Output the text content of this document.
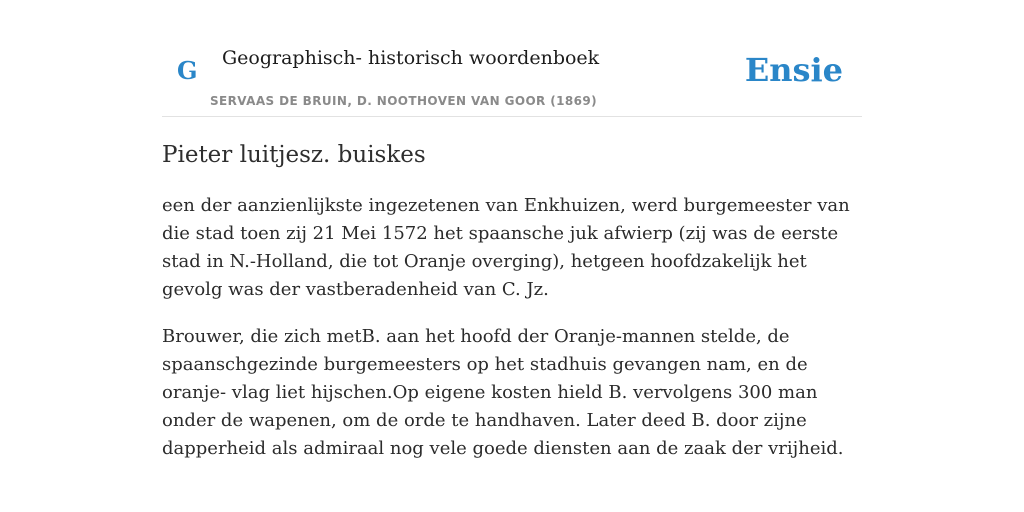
G Geographisch- historisch woordenboek
SERVAAS DE BRUIN, D. NOOTHOVEN VAN GOOR (1869)
Ensie
Pieter luitjesz. buiskes

een der aanzienlijkste ingezetenen van Enkhuizen, werd burgemeester van die stad toen zij 21 Mei 1572 het spaansche juk afwierp (zij was de eerste stad in N.-Holland, die tot Oranje overging), hetgeen hoofdzakelijk het gevolg was der vastberadenheid van C. Jz.

Brouwer, die zich metB. aan het hoofd der Oranje-mannen stelde, de spaanschgezinde burgemeesters op het stadhuis gevangen nam, en de oranje- vlag liet hijschen.Op eigene kosten hield B. vervolgens 300 man onder de wapenen, om de orde te handhaven. Later deed B. door zijne dapperheid als admiraal nog vele goede diensten aan de zaak der vrijheid.
